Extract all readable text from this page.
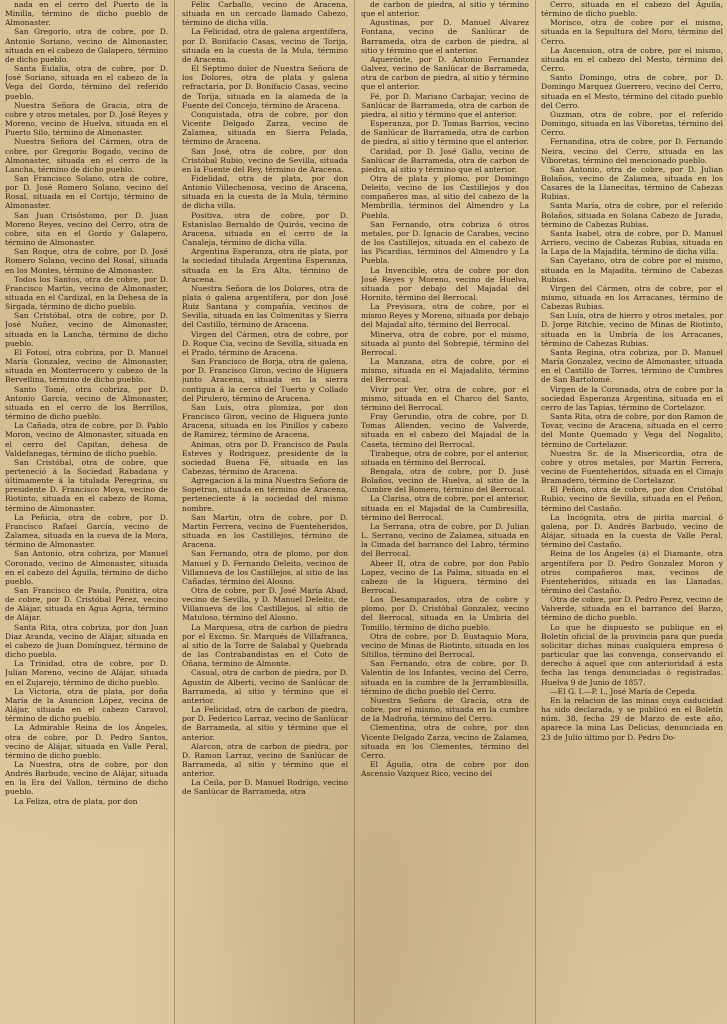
nada en el cerro del Puerto de la Minilla, término de dicho pueblo de Almonaster.

San Gregorio, otra de cobre, por D. Antonio Soriano, vecino de Almonaster, situada en el cabezo de Galapero, término de dicho pueblo.

Santa Eulalia, otra de cobre, por D. José Soriano, situada en el cabezo de la Vega del Gordo, término del referido pueblo.

Nuestra Señora de Gracia, otra de cobre y otros metales, por D. José Reyes y Moreno, vecino de Huelva, situada en el Puerto Silo, término de Almonaster.

Nuestra Señora del Cármen, otra de cobre, por Gregorio Bogado, vecino de Almonaster, situada en el cerro de la Lancha, término de dicho pueblo.

San Francisco Solano, otra de cobre, por D. José Romero Solano, vecino del Rosal, situada en el Cortijo, término de Almonaster.

San Juan Crisóstomo, por D. Juan Moreno Reyes, vecino del Cerro, otra de cobre, sita en el Gordo y Galapero, término de Almonaster.

San Roque, otra de cobre, por D. José Romero Solano, vecino del Rosal, situada en los Montes, término de Almonaster.

Todos los Santos, otra de cobre, por D. Francisco Martin, vecino de Almonaster, situada en el Cardizal, en la Dehesa de la Sirgada, término de dicho pueblo.

San Cristóbal, otra de cobre, por D. José Nuñez, vecino de Almonaster, situada en la Lancha, término de dicho pueblo.

El Fotosí, otra cobriza, por D. Manuel María Gonzalez, vecino de Almonaster, situada en Monterrocero y cabezo de la Bervellina, término de dicho pueblo.

Santo Tomé, otra cobriza, por D. Antonio García, vecino de Almonaster, situada en el cerro de los Berrillos, término de dicho pueblo.

La Cañada, otra de cobre, por D. Pablo Moron, vecino de Almonaster, situada en el cerro del Capitan, dehesa de Valdefanegas, término de dicho pueblo.

San Cristóbal, otra de cobre, que perteneció á la Sociedad Rabadana y últimamente á la titulada Peregrina, su presidente D. Francisco Moya, vecino de Riotinto, situada en el cabezo de Roma, término de Almonaster.

La Peñicia, otra de cobre, por D. Francisco Rafael García, vecino de Zalamea, situada en la cueva de la Mora, término de Almonaster.

San Antonio, otra cobriza, por Manuel Coronado, vecino de Almonaster, situada en el cabezo del Águila, término de dicho pueblo.

San Francisco de Paula, Ponitira, otra de cobre, por D. Cristóbal Pérez, vecino de Alájar, situada en Agua Agria, término de Alájar.

Santa Rita, otra cobriza, por don Juan Diaz Aranda, vecino de Alájar, situada en el cabezo de Juan Domínguez, término de dicho pueblo.

La Trinidad, otra de cobre, por D. Julian Moreno, vecino de Alájar, situada en el Zujarejo, término de dicho pueblo.

La Victoria, otra de plata, por doña María de la Asuncion López, vecina de Alájar, situada en el cabezo Caravol, término de dicho pueblo.

La Admirable Reina de los Ángeles, otra de cobre, por D. Pedro Santos, vecino de Alájar, situada en Valle Peral, término de dicho pueblo.

La Nuestra, otra de cobre, por don Andrés Barbudo, vecino de Alájar, situada en la Era del Vallon, término de dicho pueblo.

La Feliza, otra de plata, por don

Félix Carballo, vecino de Aracena, situada en un cercado llamado Cabezo, término de dicha villa.

La Felicidad, otra de galena argentífera, por D. Bonifacio Casas, vecino de Torija, situada en la cuesta de la Mula, término de Aracena.

El Séptimo dolor de Nuestra Señora de los Dolores, otra de plata y galena refractaria, por D. Bonifacio Casas, vecino de Torija, situada en la alameda de la Fuente del Concejo, término de Aracena.

Conquistada, otra de cobre, por don Vicente Delgado Zarza, vecino de Zalamea, situada en Sierra Pelada, término de Aracena.

San José, otra de cobre, por don Cristóbal Rubio, vecino de Sevilla, situada en la Fuente del Rey, término de Aracena.

Fidelidad, otra de plata, por don Antonio Villechenosa, vecino de Aracena, situada en la cuesta de la Mula, término de dicha villa.

Positiva, otra de cobre, por D. Estanislao Bernaldo de Quirós, vecino de Aracena, situada en el cerro de la Canaleja, término de dicha villa.

Argentina Esperanza, otra de plata, por la sociedad titulada Argentina Esperanza, situada en la Era Alta, término de Aracena.

Nuestra Señora de los Dolores, otra de plata ó galena argentífera, por don José Ruiz Santana y compañía, vecinos de Sevilla, situada en las Colmenitas y Sierra del Castillo, término de Aracena.

Virgen del Cármen, otra de cobre, por D. Roque Cia, vecino de Sevilla, situada en el Prado, término de Aracena.

San Francisco de Borja, otra de galena, por D. Francisco Giron, vecino de Higuera junto Aracena, situada en la sierra contigua á la cerca del Tuerto y Collado del Pirulero, término de Aracena.

San Luis, otra plomiza, por don Francisco Giron, vecino de Higuera junto Aracena, situada en los Pinillos y cabezo de Ramirez, término de Aracena.

Animas, otra por D. Francisco de Paula Esteves y Rodriguez, presidente de la sociedad Buena Fé, situada en las Cabezas, término de Aracena.

Agregacion á la mina Nuestra Señora de Sopetran, situada en término de Aracena, perteneciente á la sociedad del mismo nombre.

San Martin, otra de cobre, por D. Martin Ferrera, vecino de Fuenteheridos, situada en los Castillejos, término de Aracena.

San Fernando, otra de plomo, por don Manuel y D. Fernando Deleito, vecinos de Villanueva de los Castillejos, al sitio de las Cañadas, término del Alosno.

Otra de cobre, por D. José María Abad, vecino de Sevilla, y D. Manuel Deleito, de Villanueva de los Castillejos, al sitio de Matuloso, término del Alosno.

La Marquesa, otra de carbon de piedra por el Excmo. Sr. Marqués de Villafranca, al sitio de la Torre de Salabal y Quebrada de las Contrabandistas en el Coto de Oñana, término de Almonte.

Casual, otra de carbon de piedra, por D. Agustin de Alberti, vecino de Sanlúcar de Barrameda, al sitio y término que el anterior.

La Felicidad, otra de carbon de piedra, por D. Federico Larraz, vecino de Sanlúcar de Barrameda, al sitio y término que el anterior.

Alarcon, otra de carbon de piedra, por D. Ramon Larraz, vecino de Sanlúcar de Barrameda, al sitio y término que el anterior.

La Ceila, por D. Manuel Rodrigo, vecino de Sanlúcar de Barrameda, otra

de carbon de piedra, al sitio y término que el anterior.

Agustinas, por D. Manuel Alvarez Fontana, vecino de Sanlúcar de Barrameda, otra de carbon de piedra, al sitio y término que el anterior.

Aquerónte, por D. Antonio Fernandez Galvez, vecino de Sanlúcar de Barrameda, otra de carbon de piedra, al sitio y término que el anterior.

Fé, por D. Mariano Carbajar, vecino de Sanlúcar de Barrameda, otra de carbon de piedra, al sitio y término que el anterior.

Esperanza, por D. Tomas Barrios, vecino de Sanlúcar de Barrameda, otra de carbon de piedra, al sitio y término que el anterior.

Caridad, por D. José Gallo, vecino de Sanlúcar de Barrameda, otra de carbon de piedra, al sitio y término que el anterior.

Otra de plata y plomo, por Domingo Deleito, vecino de los Castillejos y dos compañeros mas, al sitio del cabezo de la Membrilla, términos del Almendro y La Puebla.

San Fernando, otra cobriza ó otros metales, por D. Ignacio de Carabes, vecino de los Castillejos, situada en el cabezo de las Picardias, términos del Almendro y La Puebla.

La Invencible, otra de cobre por don José Reyes y Moreno, vecino de Huelva, situada por debajo del Majadal del Hornito, término del Berrocal.

La Previsora, otra de cobre, por el mismo Reyes y Moreno, situada por debajo del Majadal alto, término del Berrocal.

Minerva, otra de cobre, por el mismo, situada al punto del Sobrepié, término del Berrocal.

La Manzana, otra de cobre, por el mismo, situada en el Majadalito, término del Berrocal.

Vivir por Ver, otra de cobre, por el mismo, situada en el Charco del Santo, término del Berrocal.

Fray Gerundio, otra de cobre, por D. Tomas Allenden, vecino de Valverde, situada en el cabezo del Majadal de la Caseta, término del Berrocal.

Tirabeque, otra de cobre, por el anterior, situada en término del Berrocal.

Bengala, otra de cobre, por D. Jusé Bolaños, vecino de Huelva, al sitio de la Cumbre del Romero, término del Berrocal.

La Clarisa, otra de cobre, por el anterior, situada en el Majadal de la Cumbresilla, término del Berrocal.

La Serrana, otra de cobre, por D. Julian L. Serrano, vecino de Zalamea, situada en la Cimada del barranco del Labro, término del Berrocal.

Abeer II, otra de cobre, por don Pablo Lopez, vecino de La Palma, situada en el cabezo de la Higuera, término del Berrocal.

Los Desamparados, otra de cobre y plomo, por D. Cristóbal Gonzalez, vecino del Berrocal, situada en la Umbria del Tomillo, término de dicho pueblo.

Otra de cobre, por D. Eustaquio Mora, vecino de Minas de Riotinto, situada en los Sitillos, término del Berrocal.

San Fernando, otra de cobre, por D. Valentin de los Infantes, vecino del Cerro, situada en la cumbre de la Jerramblosilla, término de dicho pueblo del Cerro.

Nuestra Señora de Gracia, otra de cobre, por el mismo, situada en la cumbre de la Madroña, término del Cerro.

Clementina, otra de cobre, por don Vicente Delgado Zarza, vecino de Zalamea, situada en los Clementes, término del Cerro.

El Águila, otra de cobre por don Ascensio Vazquez Rico, vecino del

Cerro, situada en el cabezo del Águila, término de dicho pueblo.

Morisco, otra de cobre por el mismo, situada en la Sepultura del Moro, término del Cerro.

La Ascension, otra de cobre, por el mismo, situada en el cabezo del Mesto, término del Cerro.

Santo Domingo, otra de cobre, por D. Domingo Marquez Guerrero, vecino del Cerro, situada en el Mesto, término del citado pueblo del Cerro.

Guzman, otra de cobre, por el referido Domingo, situada en las Víboretas, término del Cerro.

Fernandina, otra de cobre, por D. Fernando Neira, vecino del Cerro, situada en las Víboretas, término del mencionado pueblo.

San Antonio, otra de cobre, por D. Julian Bolaños, vecino de Zalamea, situada en los Casares de la Llanecitas, término de Cabezas Rubias.

Santa María, otra de cobre, por el referido Bolaños, situada en Solana Cabezo de Jurado, término de Cabezas Rubias.

Santa Isabel, otra de cobre, por D. Manuel Arriero, vecino de Cabezas Rubias, situada en la Lapa de la Majadita, término de dicha villa.

San Cayetano, otra de cobre por el mismo, situada en la Majadita, término de Cabezas Rubias.

Virgen del Cármen, otra de cobre, por el mismo, situada en los Arracanes, término de Cabezas Rubias.

San Luis, otra de hierro y otros metales, por D. Jorge Ritchie, vecino de Minas de Riotinto, situada en la Umbría de los Arracanes, término de Cabezas Rubias.

Santa Regina, otra cobriza, por D. Manuel María Gonzalez, vecino de Almonaster, situada en el Castillo de Torres, término de Cumbres de San Bartolomé.

Virgen de la Coronada, otra de cobre por la sociedad Esperanza Argentina, situada en el cerro de las Tapias, término de Cortelazor.

Santa Rita, otra de cobre, por don Ramon de Tovar, vecino de Aracena, situada en el cerro del Monte Quemado y Vega del Nogalito, término de Cortelazor.

Nuestra Sr. de la Misericordia, otra de cobre y otros metales, por Martin Ferrera, vecino de Fuenteheridos, situada en el Cimajo Bramadero, término de Cortelazor.

El Peñon, otra de cobre, por don Cristóbal Rubio, vecino de Sevilla, situada en el Peñon, término del Castaño.

La Incógnita, otra de pirita marcial ó galena, por D. Andrés Barbudo, vecino de Alájar, situada en la cuesta de Valle Peral, término del Castaño.

Reina de los Ángeles (á) el Diamante, otra argentífera por D. Pedro Gonzalez Moron y otros compañeros mas, vecinos de Fuenteheridos, situada en las Llanadas, término del Castaño.

Otra de cobre, por D. Pedro Perez, vecino de Valverde, situada en el barranco del Barzo, término de dicho pueblo.

Lo que he dispuesto se publique en el Boletín oficial de la provincia para que pueda solicitar dichas minas cualquiera empresa ó particular que las convenga, conservando el derecho á aquel que con anterioridad á esta fecha las tenga denunciadas ó registradas. Huelva 9 de Junio de 1857.

—El G. I.—P. I., José María de Cepeda.

En la relacion de las minas cuya caducidad ha sido declarada, y se publicó en el Boletín núm. 38, fecha 29 de Marzo de este año, aparece la mina Las Delicias, denunciada en 23 de Julio último por D. Pedro Do-
